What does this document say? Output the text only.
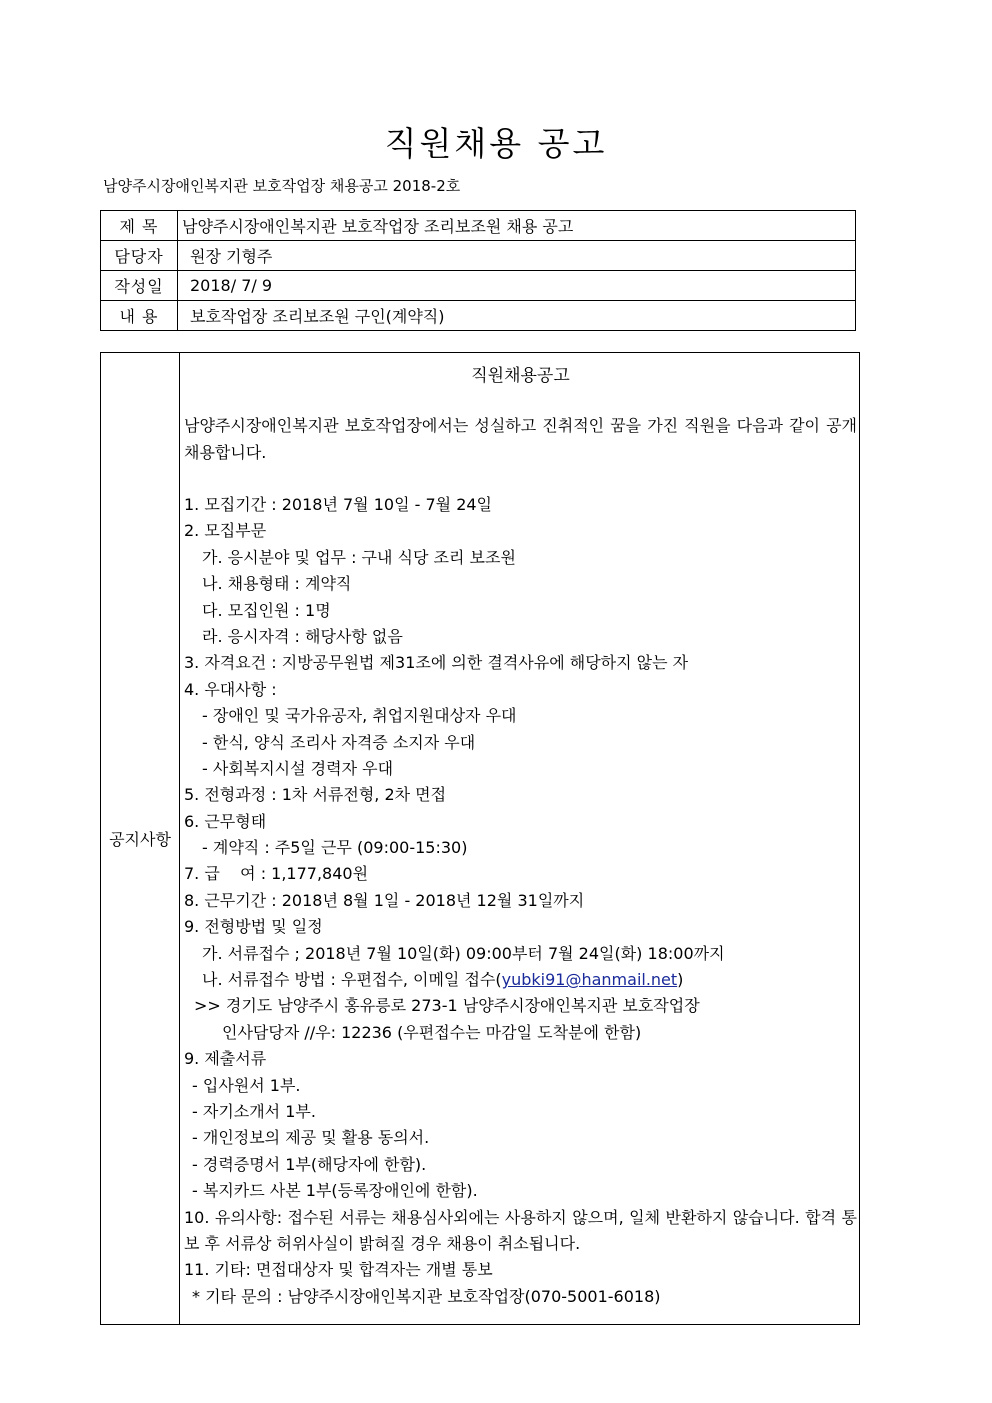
직원채용 공고
남양주시장애인복지관 보호작업장 채용공고 2018-2호
제 목	남양주시장애인복지관 보호작업장 조리보조원 채용 공고
담당자	원장 기형주
작성일	2018/ 7/ 9
내 용	보호작업장 조리보조원 구인(계약직)
공지사항	
직원채용공고
남양주시장애인복지관 보호작업장에서는 성실하고 진취적인 꿈을 가진 직원을 다음과 같이 공개 채용합니다.
1. 모집기간 : 2018년 7월 10일 - 7월 24일
2. 모집부문
가. 응시분야 및 업무 : 구내 식당 조리 보조원
나. 채용형태 : 계약직
다. 모집인원 : 1명
라. 응시자격 : 해당사항 없음
3. 자격요건 : 지방공무원법 제31조에 의한 결격사유에 해당하지 않는 자
4. 우대사항 :
- 장애인 및 국가유공자, 취업지원대상자 우대
- 한식, 양식 조리사 자격증 소지자 우대
- 사회복지시설 경력자 우대
5. 전형과정 : 1차 서류전형, 2차 면접
6. 근무형태
- 계약직 : 주5일 근무 (09:00-15:30)
7. 급    여 : 1,177,840원
8. 근무기간 : 2018년 8월 1일 - 2018년 12월 31일까지
9. 전형방법 및 일정
가. 서류접수 ; 2018년 7월 10일(화) 09:00부터 7월 24일(화) 18:00까지
나. 서류접수 방법 : 우편접수, 이메일 접수(yubki91@hanmail.net)
>> 경기도 남양주시 홍유릉로 273-1 남양주시장애인복지관 보호작업장
인사담당자 //우: 12236 (우편접수는 마감일 도착분에 한함)
9. 제출서류
- 입사원서 1부.
- 자기소개서 1부.
- 개인정보의 제공 및 활용 동의서.
- 경력증명서 1부(해당자에 한함).
- 복지카드 사본 1부(등록장애인에 한함).
10. 유의사항: 접수된 서류는 채용심사외에는 사용하지 않으며, 일체 반환하지 않습니다. 합격 통보 후 서류상 허위사실이 밝혀질 경우 채용이 취소됩니다.
11. 기타: 면접대상자 및 합격자는 개별 통보
* 기타 문의 : 남양주시장애인복지관 보호작업장(070-5001-6018)
